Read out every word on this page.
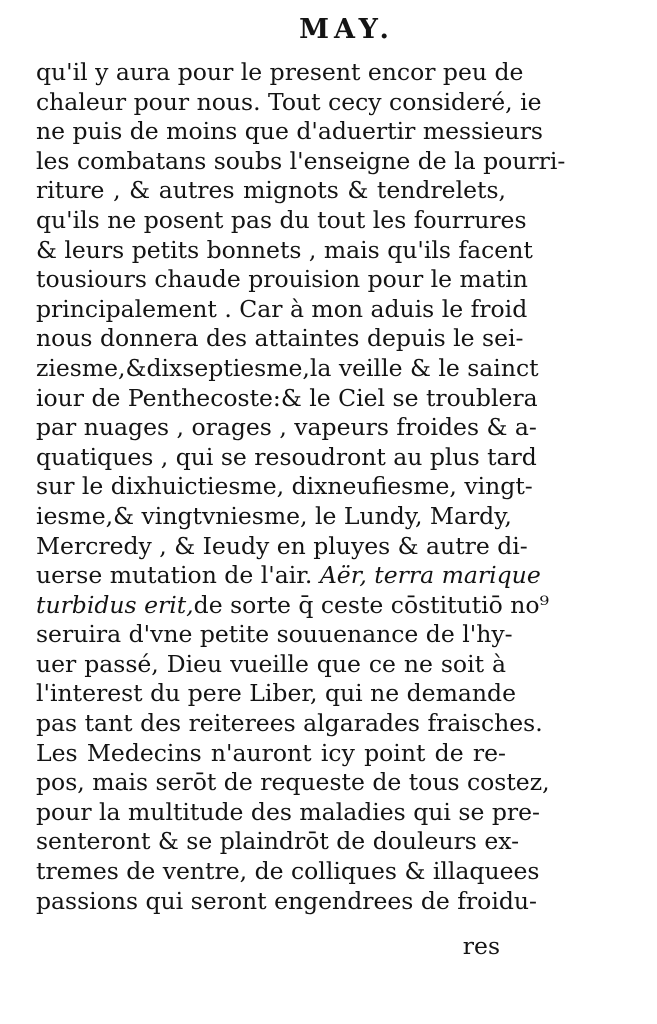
MAY.
qu'il y aura pour le present encor peu de
chaleur pour nous. Tout cecy consideré, ie
ne puis de moins que d'aduertir messieurs
les combatans soubs l'enseigne de la pourri-
riture , & autres mignots & tendrelets,
qu'ils ne posent pas du tout les fourrures
& leurs petits bonnets , mais qu'ils facent
tousiours chaude prouision pour le matin
principalement . Car à mon aduis le froid
nous donnera des attaintes depuis le sei-
ziesme,&dixseptiesme,la veille & le sainct
iour de Penthecoste:& le Ciel se troublera
par nuages , orages , vapeurs froides & a-
quatiques , qui se resoudront au plus tard
sur le dixhuictiesme, dixneufiesme, vingt-
iesme,& vingtvniesme, le Lundy, Mardy,
Mercredy , & Ieudy en pluyes & autre di-
uerse mutation de l'air. Aër, terra marique
turbidus erit,de sorte q̄ ceste cōstitutiō no⁹
seruira d'vne petite souuenance de l'hy-
uer passé, Dieu vueille que ce ne soit à
l'interest du pere Liber, qui ne demande
pas tant des reiterees algarades fraisches.
Les Medecins n'auront icy point de re-
pos, mais serōt de requeste de tous costez,
pour la multitude des maladies qui se pre-
senteront & se plaindrōt de douleurs ex-
tremes de ventre, de colliques & illaquees
passions qui seront engendrees de froidu-
res
